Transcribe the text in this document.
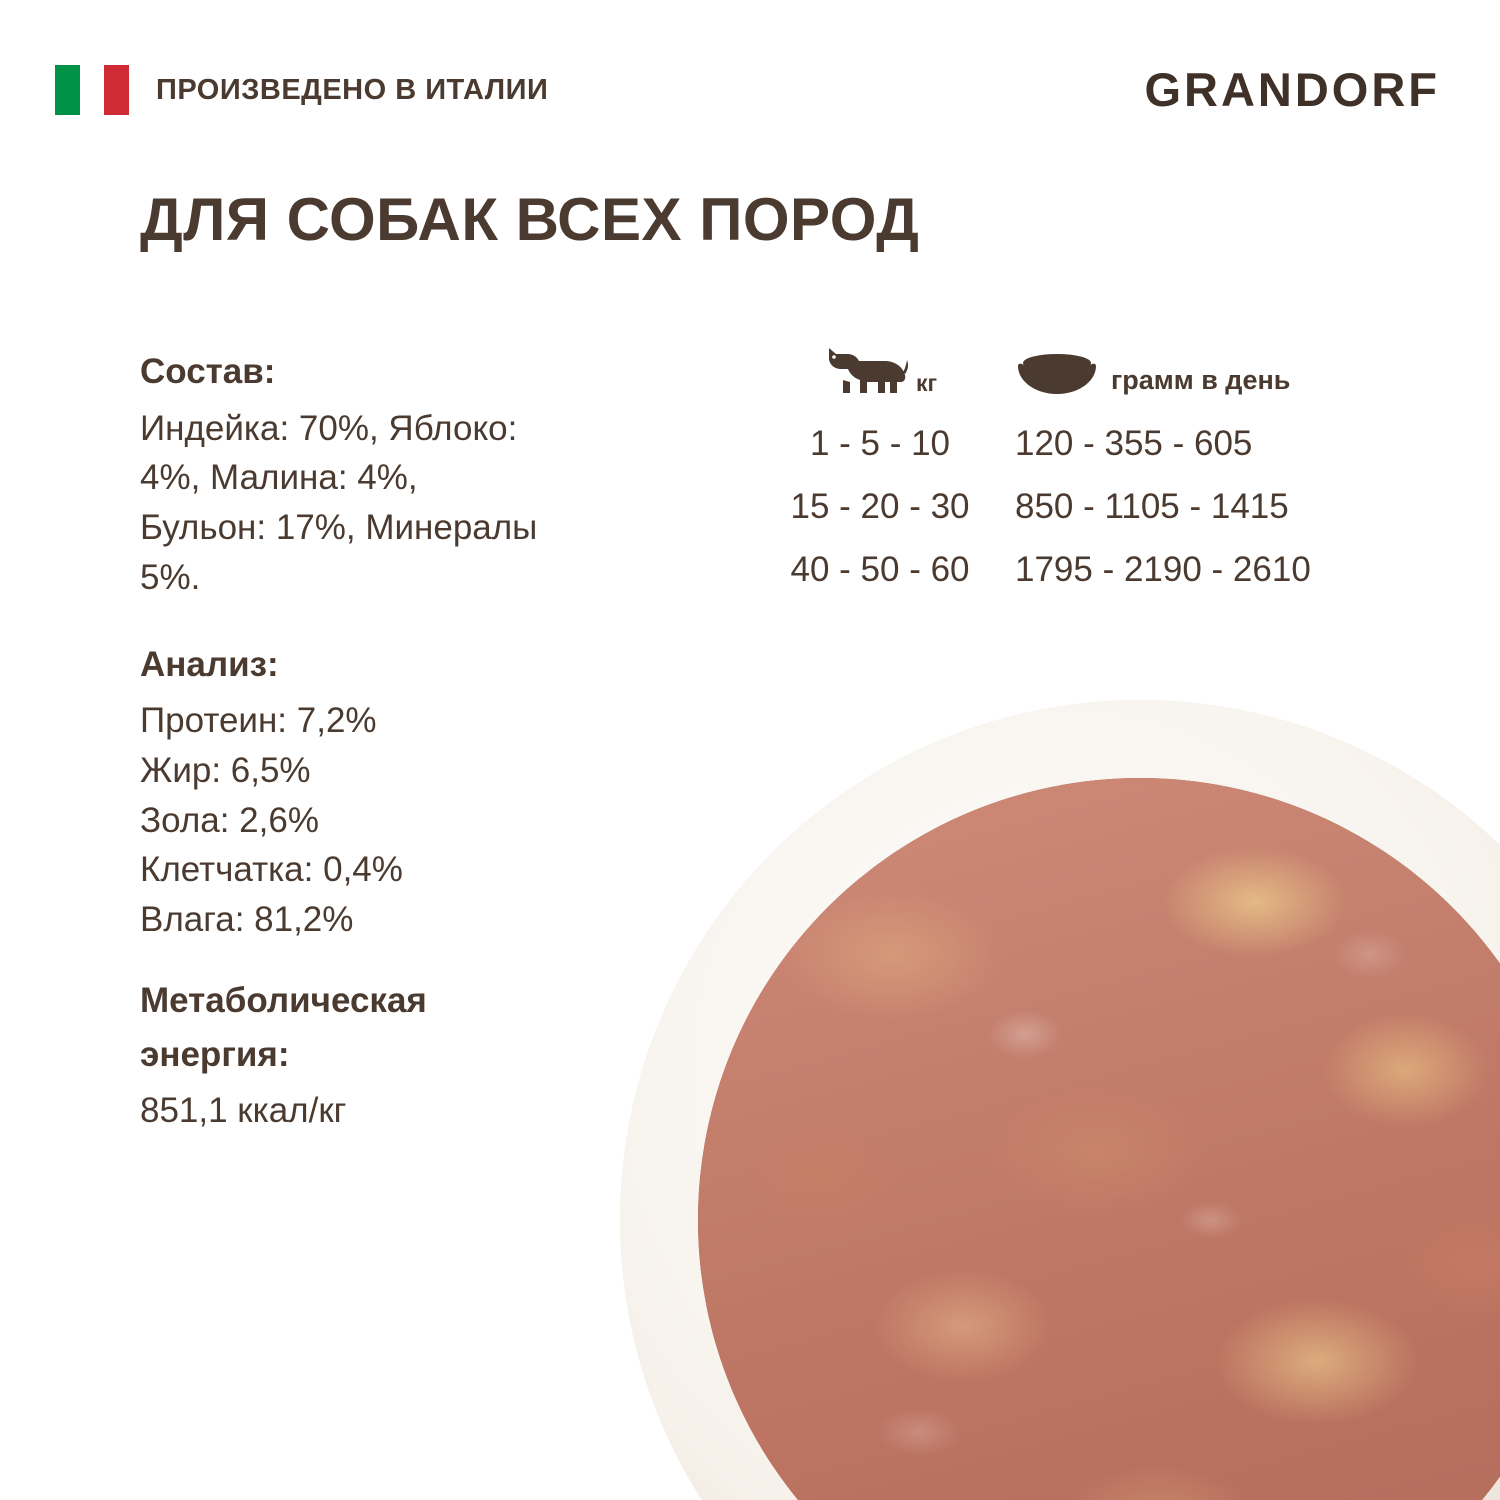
ПРОИЗВЕДЕНО В ИТАЛИИ	GRANDORF
ДЛЯ СОБАК ВСЕХ ПОРОД
Состав:
Индейка: 70%, Яблоко:
4%, Малина: 4%,
Бульон: 17%, Минералы
5%.
Анализ:
Протеин: 7,2%
Жир: 6,5%
Зола: 2,6%
Клетчатка: 0,4%
Влага: 81,2%
Метаболическая
энергия:
851,1 ккал/кг
кг	грамм в день
1 - 5 - 10	120 - 355 - 605
15 - 20 - 30	850 - 1105 - 1415
40 - 50 - 60	1795 - 2190 - 2610
